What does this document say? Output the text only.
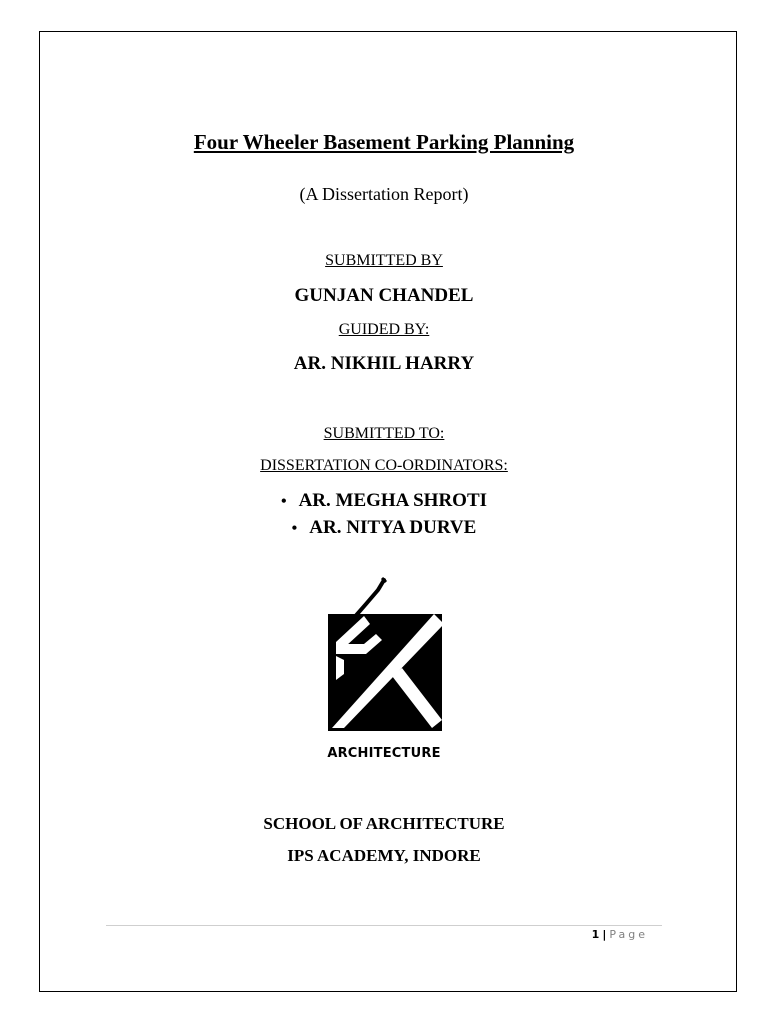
Four Wheeler Basement Parking Planning
(A Dissertation Report)
SUBMITTED BY
GUNJAN CHANDEL
GUIDED BY:
AR. NIKHIL HARRY
SUBMITTED TO:
DISSERTATION CO-ORDINATORS:
• AR. MEGHA SHROTI
• AR. NITYA DURVE
ARCHITECTURE
SCHOOL OF ARCHITECTURE
IPS ACADEMY, INDORE
1 | Page
